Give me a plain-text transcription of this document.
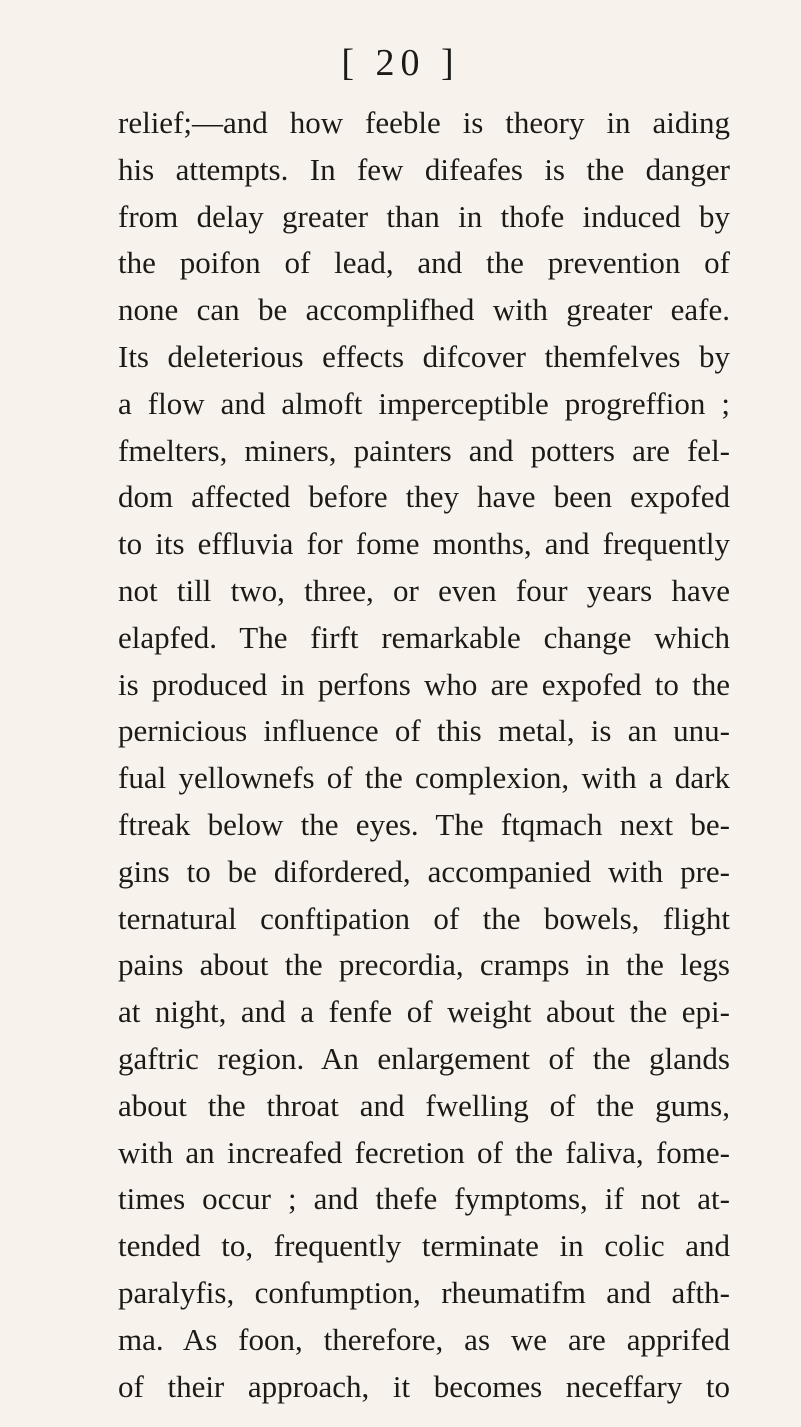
[ 20 ]
relief;—and how feeble is theory in aiding
his attempts. In few difeafes is the danger
from delay greater than in thofe induced by
the poifon of lead, and the prevention of
none can be accomplifhed with greater eafe.
Its deleterious effects difcover themfelves by
a flow and almoft imperceptible progreffion ;
fmelters, miners, painters and potters are fel-
dom affected before they have been expofed
to its effluvia for fome months, and frequently
not till two, three, or even four years have
elapfed. The firft remarkable change which
is produced in perfons who are expofed to the
pernicious influence of this metal, is an unu-
fual yellownefs of the complexion, with a dark
ftreak below the eyes. The ftqmach next be-
gins to be difordered, accompanied with pre-
ternatural conftipation of the bowels, flight
pains about the precordia, cramps in the legs
at night, and a fenfe of weight about the epi-
gaftric region. An enlargement of the glands
about the throat and fwelling of the gums,
with an increafed fecretion of the faliva, fome-
times occur ; and thefe fymptoms, if not at-
tended to, frequently terminate in colic and
paralyfis, confumption, rheumatifm and afth-
ma. As foon, therefore, as we are apprifed
of their approach, it becomes neceffary to
